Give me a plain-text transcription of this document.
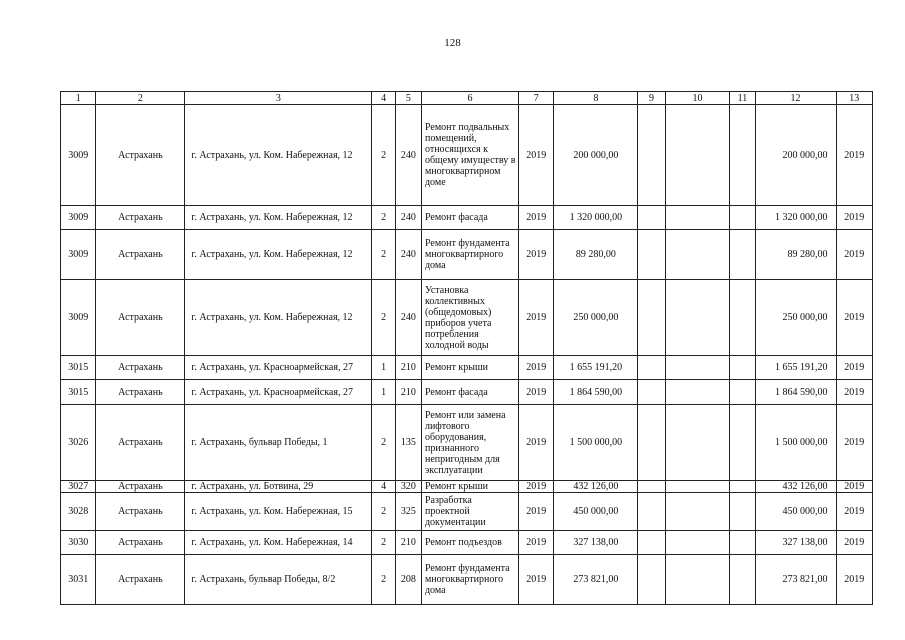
128
1	2	3	4	5	6	7	8	9	10	11	12	13
3009	Астрахань	г. Астрахань, ул. Ком. Набережная, 12	2	240	Ремонт подвальных помещений, относящихся к общему имуществу в многоквартирном доме	2019	200 000,00				200 000,00	2019
3009	Астрахань	г. Астрахань, ул. Ком. Набережная, 12	2	240	Ремонт фасада	2019	1 320 000,00				1 320 000,00	2019
3009	Астрахань	г. Астрахань, ул. Ком. Набережная, 12	2	240	Ремонт фундамента многоквартирного дома	2019	89 280,00				89 280,00	2019
3009	Астрахань	г. Астрахань, ул. Ком. Набережная, 12	2	240	Установка коллективных (общедомовых) приборов учета потребления холодной воды	2019	250 000,00				250 000,00	2019
3015	Астрахань	г. Астрахань, ул. Красноармейская, 27	1	210	Ремонт крыши	2019	1 655 191,20				1 655 191,20	2019
3015	Астрахань	г. Астрахань, ул. Красноармейская, 27	1	210	Ремонт фасада	2019	1 864 590,00				1 864 590,00	2019
3026	Астрахань	г. Астрахань, бульвар Победы, 1	2	135	Ремонт или замена лифтового оборудования, признанного непригодным для эксплуатации	2019	1 500 000,00				1 500 000,00	2019
3027	Астрахань	г. Астрахань, ул. Ботвина, 29	4	320	Ремонт крыши	2019	432 126,00				432 126,00	2019
3028	Астрахань	г. Астрахань, ул. Ком. Набережная, 15	2	325	Разработка проектной документации	2019	450 000,00				450 000,00	2019
3030	Астрахань	г. Астрахань, ул. Ком. Набережная, 14	2	210	Ремонт подъездов	2019	327 138,00				327 138,00	2019
3031	Астрахань	г. Астрахань, бульвар Победы, 8/2	2	208	Ремонт фундамента многоквартирного дома	2019	273 821,00				273 821,00	2019
